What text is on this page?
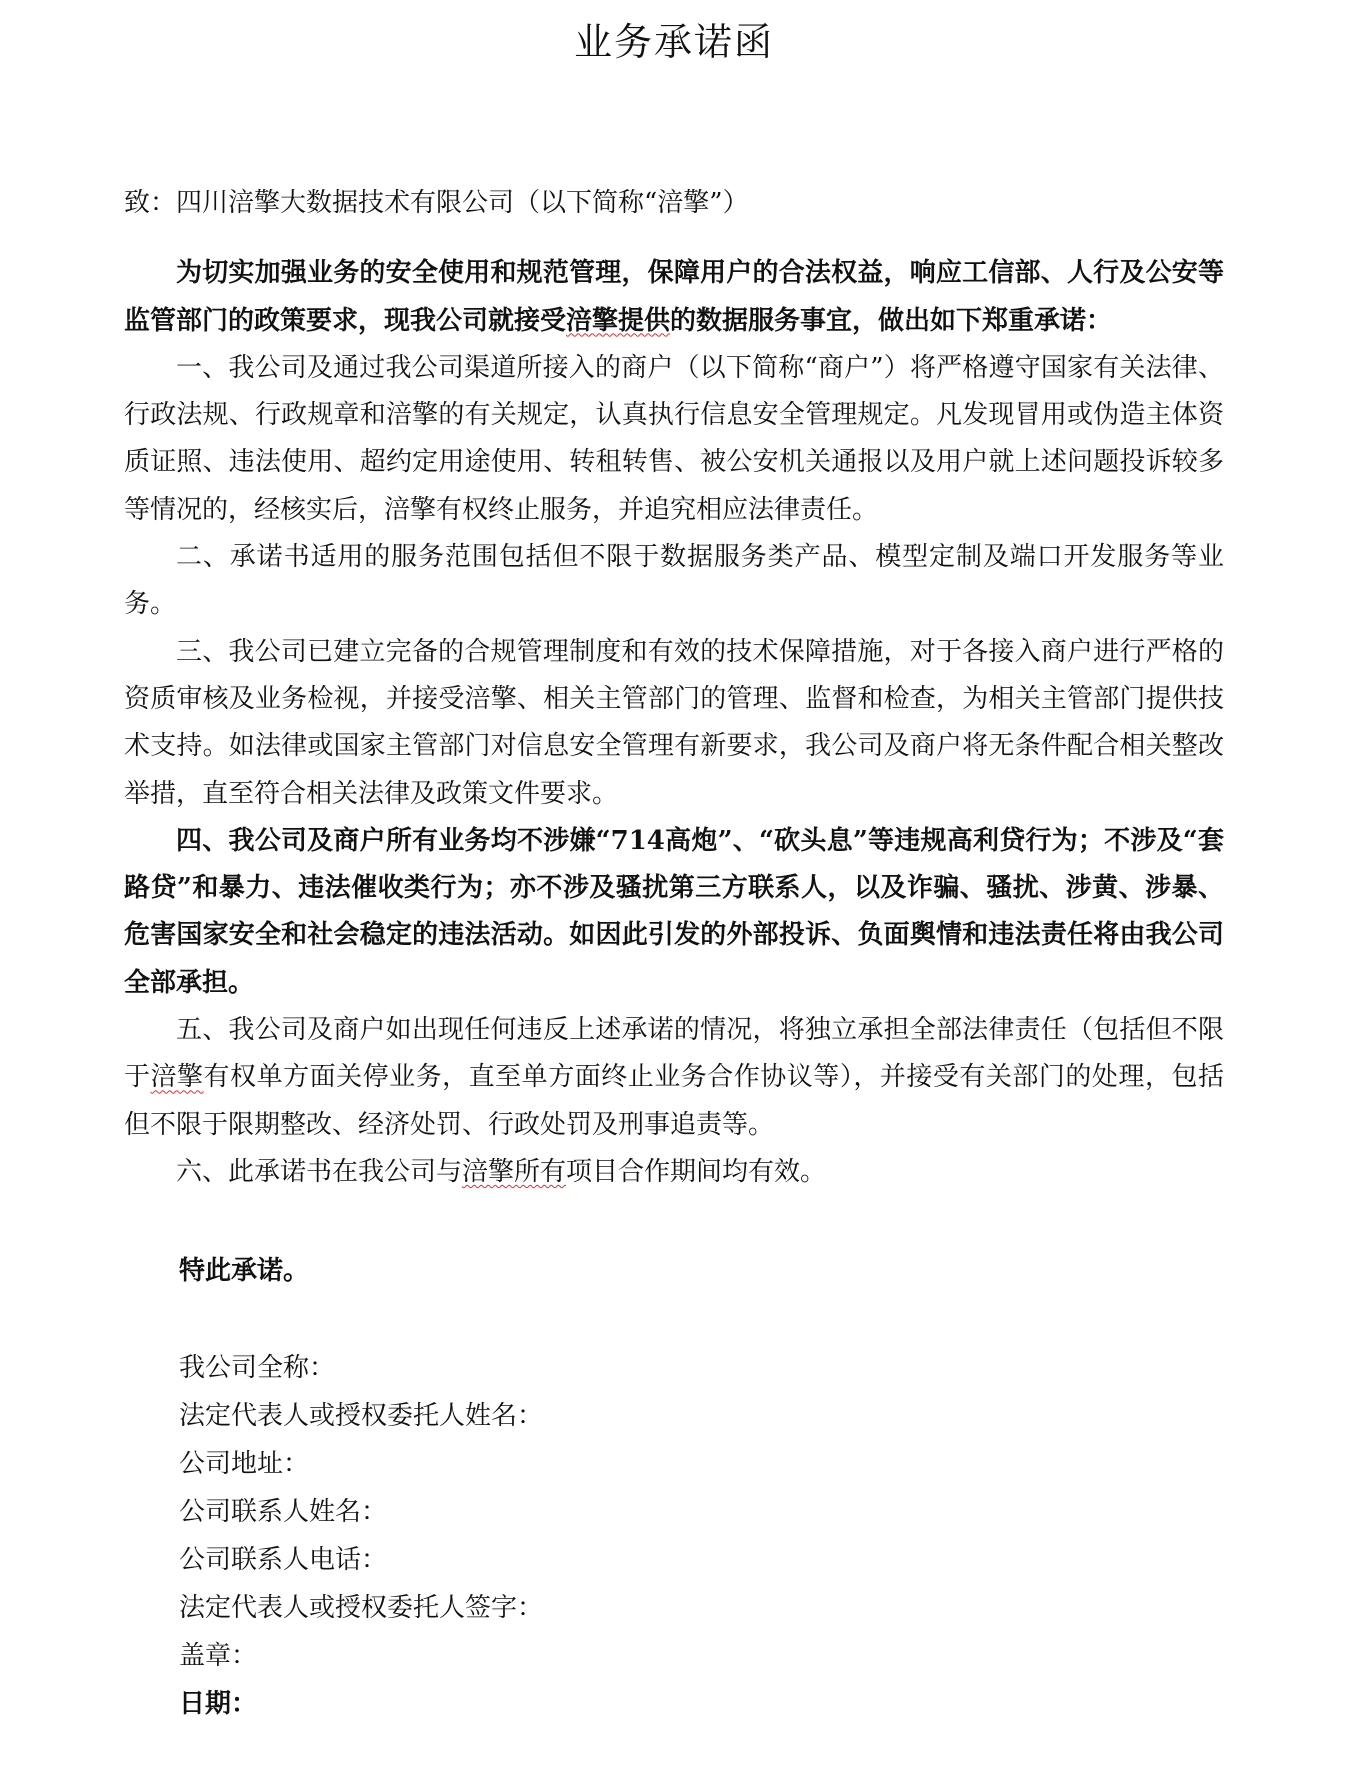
业务承诺函

致：四川涪擎大数据技术有限公司（以下简称“涪擎”）

为切实加强业务的安全使用和规范管理，保障用户的合法权益，响应工信部、人行及公安等监管部门的政策要求，现我公司就接受涪擎提供的数据服务事宜，做出如下郑重承诺：

一、我公司及通过我公司渠道所接入的商户（以下简称“商户”）将严格遵守国家有关法律、行政法规、行政规章和涪擎的有关规定，认真执行信息安全管理规定。凡发现冒用或伪造主体资质证照、违法使用、超约定用途使用、转租转售、被公安机关通报以及用户就上述问题投诉较多等情况的，经核实后，涪擎有权终止服务，并追究相应法律责任。

二、承诺书适用的服务范围包括但不限于数据服务类产品、模型定制及端口开发服务等业务。

三、我公司已建立完备的合规管理制度和有效的技术保障措施，对于各接入商户进行严格的资质审核及业务检视，并接受涪擎、相关主管部门的管理、监督和检查，为相关主管部门提供技术支持。如法律或国家主管部门对信息安全管理有新要求，我公司及商户将无条件配合相关整改举措，直至符合相关法律及政策文件要求。

四、我公司及商户所有业务均不涉嫌“714高炮”、“砍头息”等违规高利贷行为；不涉及“套路贷”和暴力、违法催收类行为；亦不涉及骚扰第三方联系人，以及诈骗、骚扰、涉黄、涉暴、危害国家安全和社会稳定的违法活动。如因此引发的外部投诉、负面舆情和违法责任将由我公司全部承担。

五、我公司及商户如出现任何违反上述承诺的情况，将独立承担全部法律责任（包括但不限于涪擎有权单方面关停业务，直至单方面终止业务合作协议等），并接受有关部门的处理，包括但不限于限期整改、经济处罚、行政处罚及刑事追责等。

六、此承诺书在我公司与涪擎所有项目合作期间均有效。

特此承诺。

我公司全称：
法定代表人或授权委托人姓名：
公司地址：
公司联系人姓名：
公司联系人电话：
法定代表人或授权委托人签字：
盖章：
日期：
